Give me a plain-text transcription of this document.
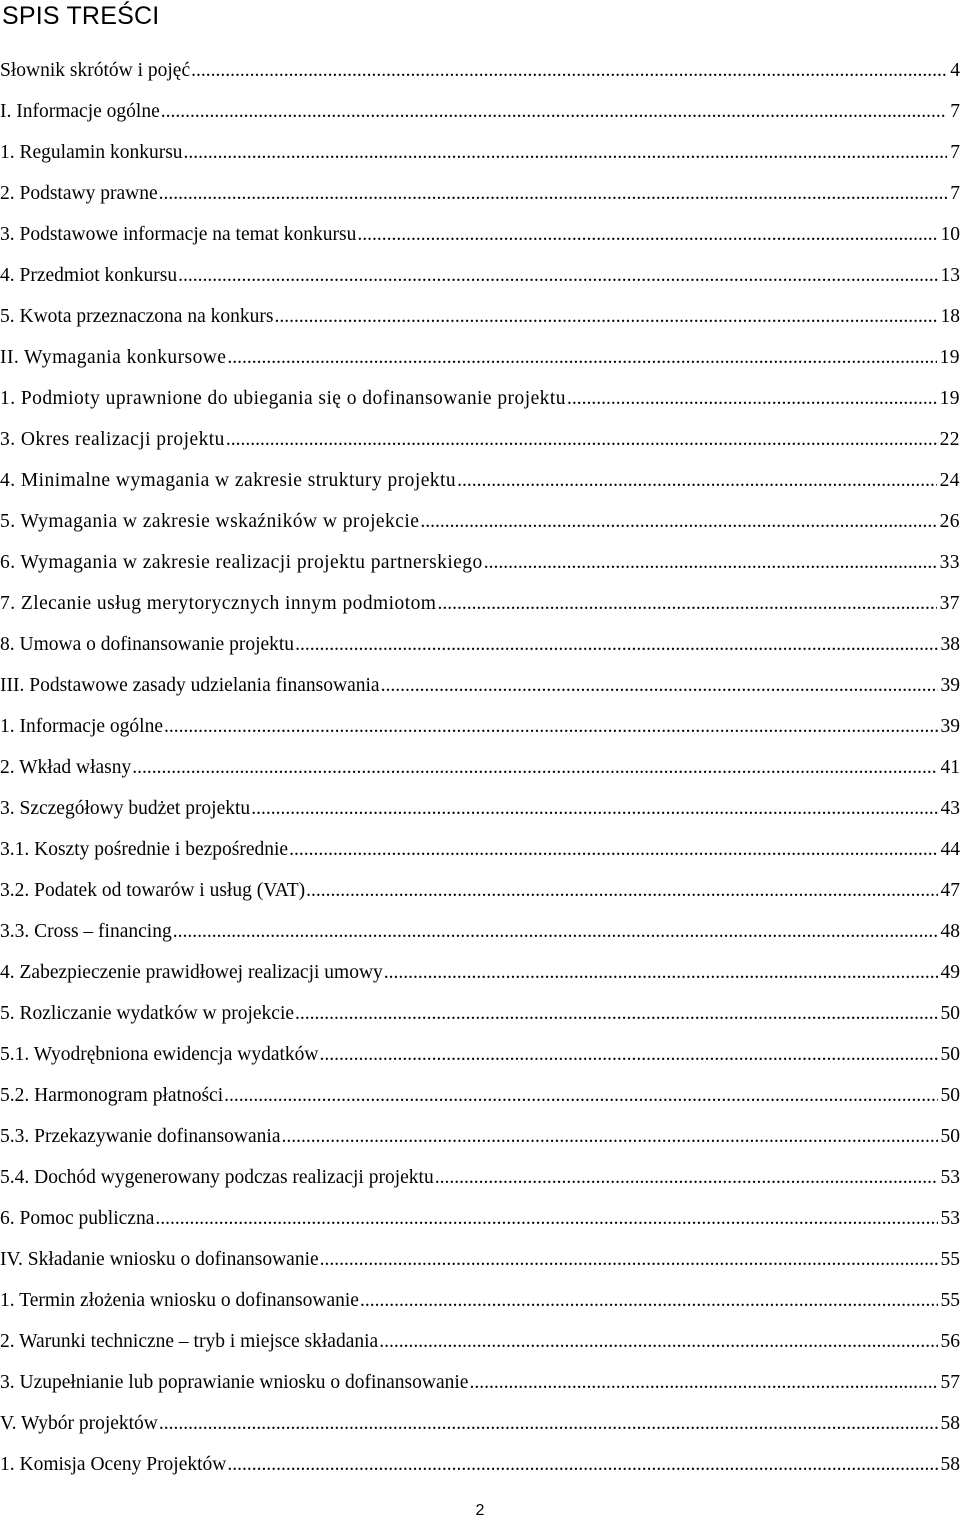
SPIS TREŚCI
Słownik skrótów i pojęć .....	4
I. Informacje ogólne .....	7
1. Regulamin konkursu .....	7
2. Podstawy prawne .....	7
3. Podstawowe informacje na temat konkursu .....	10
4. Przedmiot konkursu .....	13
5. Kwota przeznaczona na konkurs .....	18
II. Wymagania konkursowe .....	19
1. Podmioty uprawnione do ubiegania się o dofinansowanie projektu .....	19
3. Okres realizacji projektu .....	22
4. Minimalne wymagania w zakresie struktury projektu .....	24
5. Wymagania w zakresie wskaźników w projekcie .....	26
6. Wymagania w zakresie realizacji projektu partnerskiego .....	33
7. Zlecanie usług merytorycznych innym podmiotom .....	37
8. Umowa o dofinansowanie projektu .....	38
III. Podstawowe zasady udzielania finansowania .....	39
1. Informacje ogólne .....	39
2. Wkład własny .....	41
3. Szczegółowy budżet projektu .....	43
3.1. Koszty pośrednie i bezpośrednie .....	44
3.2. Podatek od towarów i usług (VAT) .....	47
3.3. Cross – financing .....	48
4. Zabezpieczenie prawidłowej realizacji umowy .....	49
5. Rozliczanie wydatków w projekcie .....	50
5.1. Wyodrębniona ewidencja wydatków .....	50
5.2. Harmonogram płatności .....	50
5.3. Przekazywanie dofinansowania .....	50
5.4. Dochód wygenerowany podczas realizacji projektu .....	53
6. Pomoc publiczna .....	53
IV. Składanie wniosku o dofinansowanie .....	55
1. Termin złożenia wniosku o dofinansowanie .....	55
2. Warunki techniczne – tryb i miejsce składania .....	56
3. Uzupełnianie lub poprawianie wniosku o dofinansowanie .....	57
V. Wybór projektów .....	58
1. Komisja Oceny Projektów .....	58
2
